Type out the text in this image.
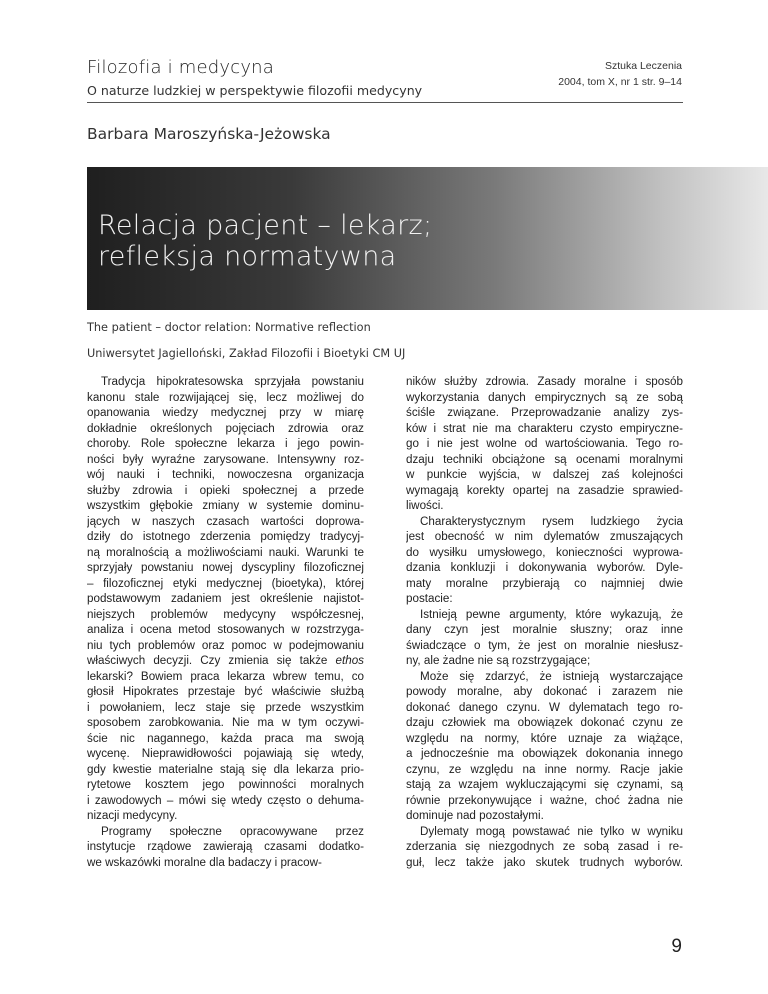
Filozofia i medycyna
O naturze ludzkiej w perspektywie filozofii medycyny
Sztuka Leczenia
2004, tom X, nr 1 str. 9–14
Barbara Maroszyńska-Jeżowska
Relacja pacjent – lekarz;
refleksja normatywna
The patient – doctor relation: Normative reflection
Uniwersytet Jagielloński, Zakład Filozofii i Bioetyki CM UJ
Tradycja hipokratesowska sprzyjała powstaniu
kanonu stale rozwijającej się, lecz możliwej do
opanowania wiedzy medycznej przy w miarę
dokładnie określonych pojęciach zdrowia oraz
choroby. Role społeczne lekarza i jego powin-
ności były wyraźne zarysowane. Intensywny roz-
wój nauki i techniki, nowoczesna organizacja
służby zdrowia i opieki społecznej a przede
wszystkim głębokie zmiany w systemie dominu-
jących w naszych czasach wartości doprowa-
dziły do istotnego zderzenia pomiędzy tradycyj-
ną moralnością a możliwościami nauki. Warunki te
sprzyjały powstaniu nowej dyscypliny filozoficznej
– filozoficznej etyki medycznej (bioetyka), której
podstawowym zadaniem jest określenie najistot-
niejszych problemów medycyny współczesnej,
analiza i ocena metod stosowanych w rozstrzyga-
niu tych problemów oraz pomoc w podejmowaniu
właściwych decyzji. Czy zmienia się także ethos
lekarski? Bowiem praca lekarza wbrew temu, co
głosił Hipokrates przestaje być właściwie służbą
i powołaniem, lecz staje się przede wszystkim
sposobem zarobkowania. Nie ma w tym oczywi-
ście nic nagannego, każda praca ma swoją
wycenę. Nieprawidłowości pojawiają się wtedy,
gdy kwestie materialne stają się dla lekarza prio-
rytetowe kosztem jego powinności moralnych
i zawodowych – mówi się wtedy często o dehuma-
nizacji medycyny.
Programy społeczne opracowywane przez
instytucje rządowe zawierają czasami dodatko-
we wskazówki moralne dla badaczy i pracow-
ników służby zdrowia. Zasady moralne i sposób
wykorzystania danych empirycznych są ze sobą
ściśle związane. Przeprowadzanie analizy zys-
ków i strat nie ma charakteru czysto empiryczne-
go i nie jest wolne od wartościowania. Tego ro-
dzaju techniki obciążone są ocenami moralnymi
w punkcie wyjścia, w dalszej zaś kolejności
wymagają korekty opartej na zasadzie sprawied-
liwości.
Charakterystycznym rysem ludzkiego życia
jest obecność w nim dylematów zmuszających
do wysiłku umysłowego, konieczności wyprowa-
dzania konkluzji i dokonywania wyborów. Dyle-
maty moralne przybierają co najmniej dwie
postacie:
Istnieją pewne argumenty, które wykazują, że
dany czyn jest moralnie słuszny; oraz inne
świadczące o tym, że jest on moralnie niesłusz-
ny, ale żadne nie są rozstrzygające;
Może się zdarzyć, że istnieją wystarczające
powody moralne, aby dokonać i zarazem nie
dokonać danego czynu. W dylematach tego ro-
dzaju człowiek ma obowiązek dokonać czynu ze
względu na normy, które uznaje za wiążące,
a jednocześnie ma obowiązek dokonania innego
czynu, ze względu na inne normy. Racje jakie
stają za wzajem wykluczającymi się czynami, są
równie przekonywujące i ważne, choć żadna nie
dominuje nad pozostałymi.
Dylematy mogą powstawać nie tylko w wyniku
zderzania się niezgodnych ze sobą zasad i re-
guł, lecz także jako skutek trudnych wyborów.
9
